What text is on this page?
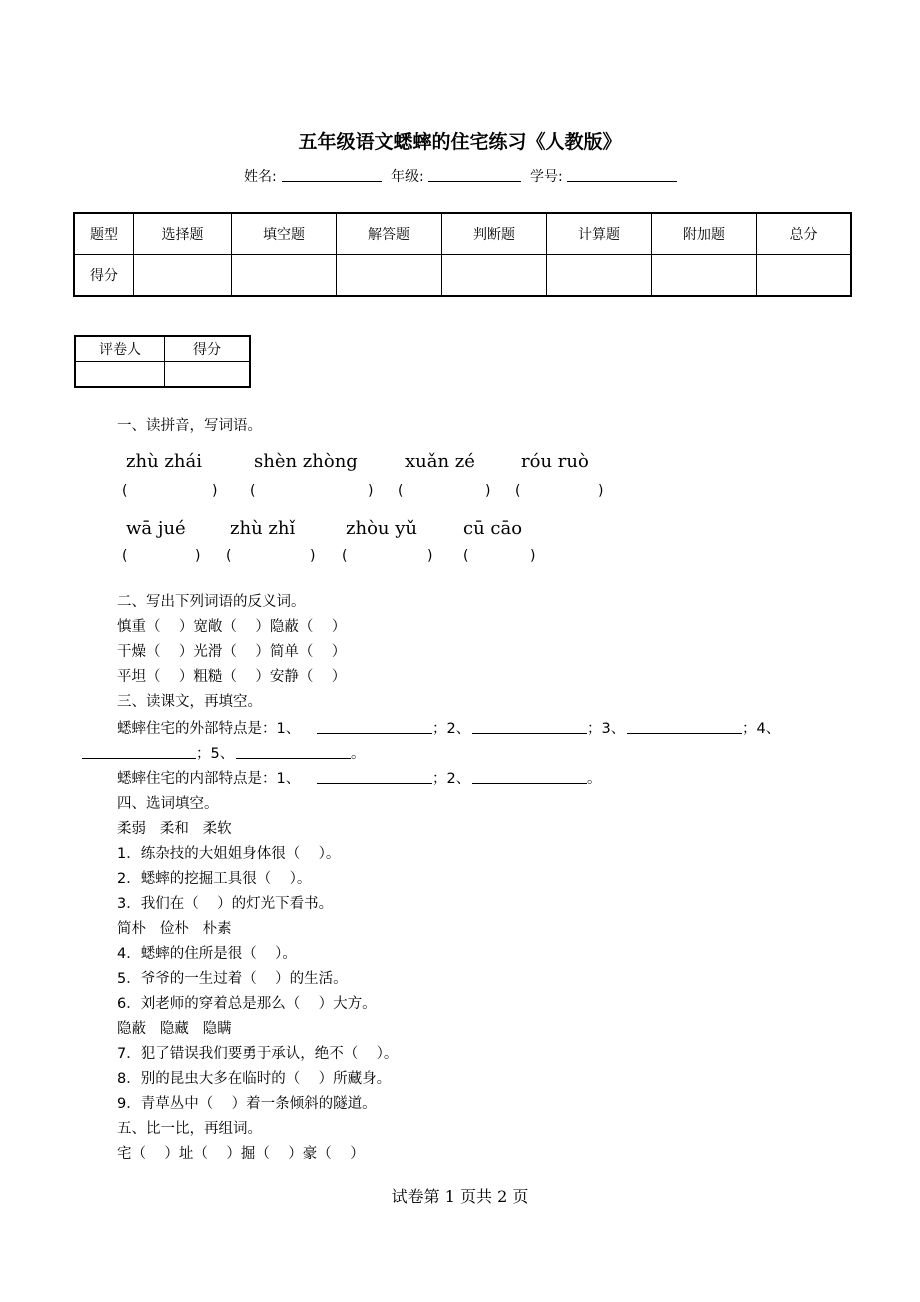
五年级语文蟋蟀的住宅练习《人教版》
姓名:	年级:	学号:
题型	选择题	填空题	解答题	判断题	计算题	附加题	总分
得分							
评卷人	得分

一、读拼音，写词语。
zhù zhái	shèn zhòng	xuǎn zé	róu ruò
(	) (	) (	) (	)
wā jué zhù zhǐ	zhòu yǔ	cū cāo
(	) (	) (	) (	)
二、写出下列词语的反义词。
慎重（    ）宽敞（    ）隐蔽（    ）
干燥（    ）光滑（    ）简单（    ）
平坦（    ）粗糙（    ）安静（    ）
三、读课文，再填空。
蟋蟀住宅的外部特点是：1、	；2、	；3、	；4、
；5、	。
蟋蟀住宅的内部特点是：1、	；2、	。
四、选词填空。
柔弱   柔和   柔软
1．练杂技的大姐姐身体很（    ）。
2．蟋蟀的挖掘工具很（    ）。
3．我们在（    ）的灯光下看书。
简朴   俭朴   朴素
4．蟋蟀的住所是很（    ）。
5．爷爷的一生过着（    ）的生活。
6．刘老师的穿着总是那么（    ）大方。
隐蔽   隐藏   隐瞒
7．犯了错误我们要勇于承认，绝不（    ）。
8．别的昆虫大多在临时的（    ）所藏身。
9．青草丛中（    ）着一条倾斜的隧道。
五、比一比，再组词。
宅（    ）址（    ）掘（    ）豪（    ）
试卷第 1 页共 2 页
